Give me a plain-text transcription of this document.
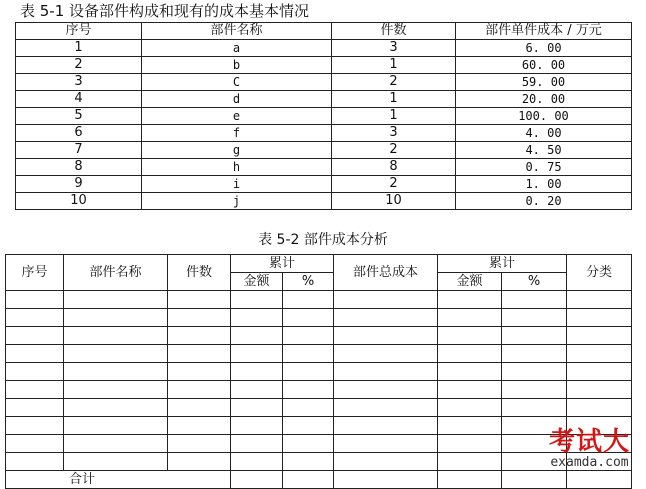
表 5-1 设备部件构成和现有的成本基本情况
序号	部件名称	件数	部件单件成本 / 万元
1	a	3	6. 00
2	b	1	60. 00
3	C	2	59. 00
4	d	1	20. 00
5	e	1	100. 00
6	f	3	4. 00
7	g	2	4. 50
8	h	8	0. 75
9	i	2	1. 00
10	j	10	0. 20
表 5-2 部件成本分析
序号	部件名称	件数	累计		部件总成本	累计		分类
			金额	%		金额	%	

合计								
考试大
examda.com
